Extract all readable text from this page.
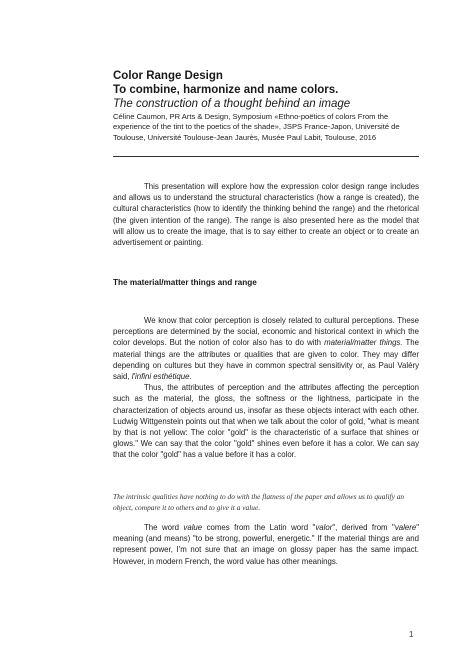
Color Range Design
To combine, harmonize and name colors.
The construction of a thought behind an image
Céline Caumon, PR Arts & Design, Symposium «Ethno-poëtics of colors From the experience of the tint to the poetics of the shade», JSPS France-Japon, Université de Toulouse, Université Toulouse-Jean Jaurès, Musée Paul Labit, Toulouse, 2016

This presentation will explore how the expression color design range includes and allows us to understand the structural characteristics (how a range is created), the cultural characteristics (how to identify the thinking behind the range) and the rhetorical (the given intention of the range). The range is also presented here as the model that will allow us to create the image, that is to say either to create an object or to create an advertisement or painting.

The material/matter things and range

We know that color perception is closely related to cultural perceptions. These perceptions are determined by the social, economic and historical context in which the color develops. But the notion of color also has to do with material/matter things. The material things are the attributes or qualities that are given to color. They may differ depending on cultures but they have in common spectral sensitivity or, as Paul Valéry said, l'infini esthétique.

Thus, the attributes of perception and the attributes affecting the perception such as the material, the gloss, the softness or the lightness, participate in the characterization of objects around us, insofar as these objects interact with each other. Ludwig Wittgenstein points out that when we talk about the color of gold, "what is meant by that is not yellow: The color "gold" is the characteristic of a surface that shines or glows." We can say that the color "gold" shines even before it has a color. We can say that the color "gold" has a value before it has a color.

The intrinsic qualities have nothing to do with the flatness of the paper and allows us to qualify an object, compare it to others and to give it a value.

The word value comes from the Latin word "valor", derived from "valere" meaning (and means) "to be strong, powerful, energetic." If the material things are and represent power, I'm not sure that an image on glossy paper has the same impact. However, in modern French, the word value has other meanings.

1
